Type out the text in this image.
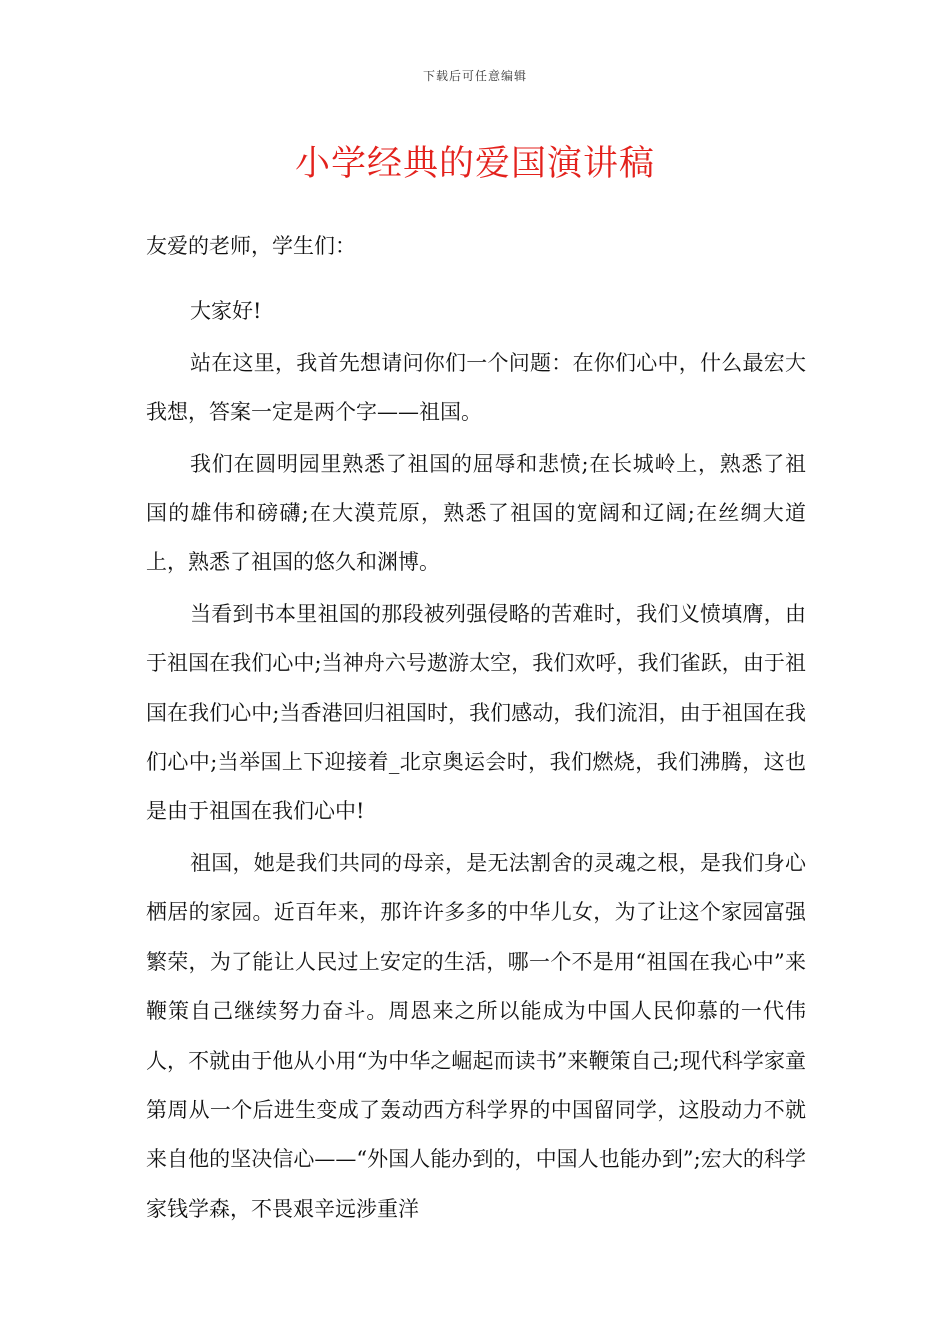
下载后可任意编辑
小学经典的爱国演讲稿

友爱的老师，学生们：

大家好!

站在这里，我首先想请问你们一个问题：在你们心中，什么最宏大我想，答案一定是两个字——祖国。

我们在圆明园里熟悉了祖国的屈辱和悲愤;在长城岭上，熟悉了祖国的雄伟和磅礴;在大漠荒原，熟悉了祖国的宽阔和辽阔;在丝绸大道上，熟悉了祖国的悠久和渊博。

当看到书本里祖国的那段被列强侵略的苦难时，我们义愤填膺，由于祖国在我们心中;当神舟六号遨游太空，我们欢呼，我们雀跃，由于祖国在我们心中;当香港回归祖国时，我们感动，我们流泪，由于祖国在我们心中;当举国上下迎接着_北京奥运会时，我们燃烧，我们沸腾，这也是由于祖国在我们心中!

祖国，她是我们共同的母亲，是无法割舍的灵魂之根，是我们身心栖居的家园。近百年来，那许许多多的中华儿女，为了让这个家园富强繁荣，为了能让人民过上安定的生活，哪一个不是用“祖国在我心中”来鞭策自己继续努力奋斗。周恩来之所以能成为中国人民仰慕的一代伟人，不就由于他从小用“为中华之崛起而读书”来鞭策自己;现代科学家童第周从一个后进生变成了轰动西方科学界的中国留同学，这股动力不就来自他的坚决信心——“外国人能办到的，中国人也能办到”;宏大的科学家钱学森，不畏艰辛远涉重洋
